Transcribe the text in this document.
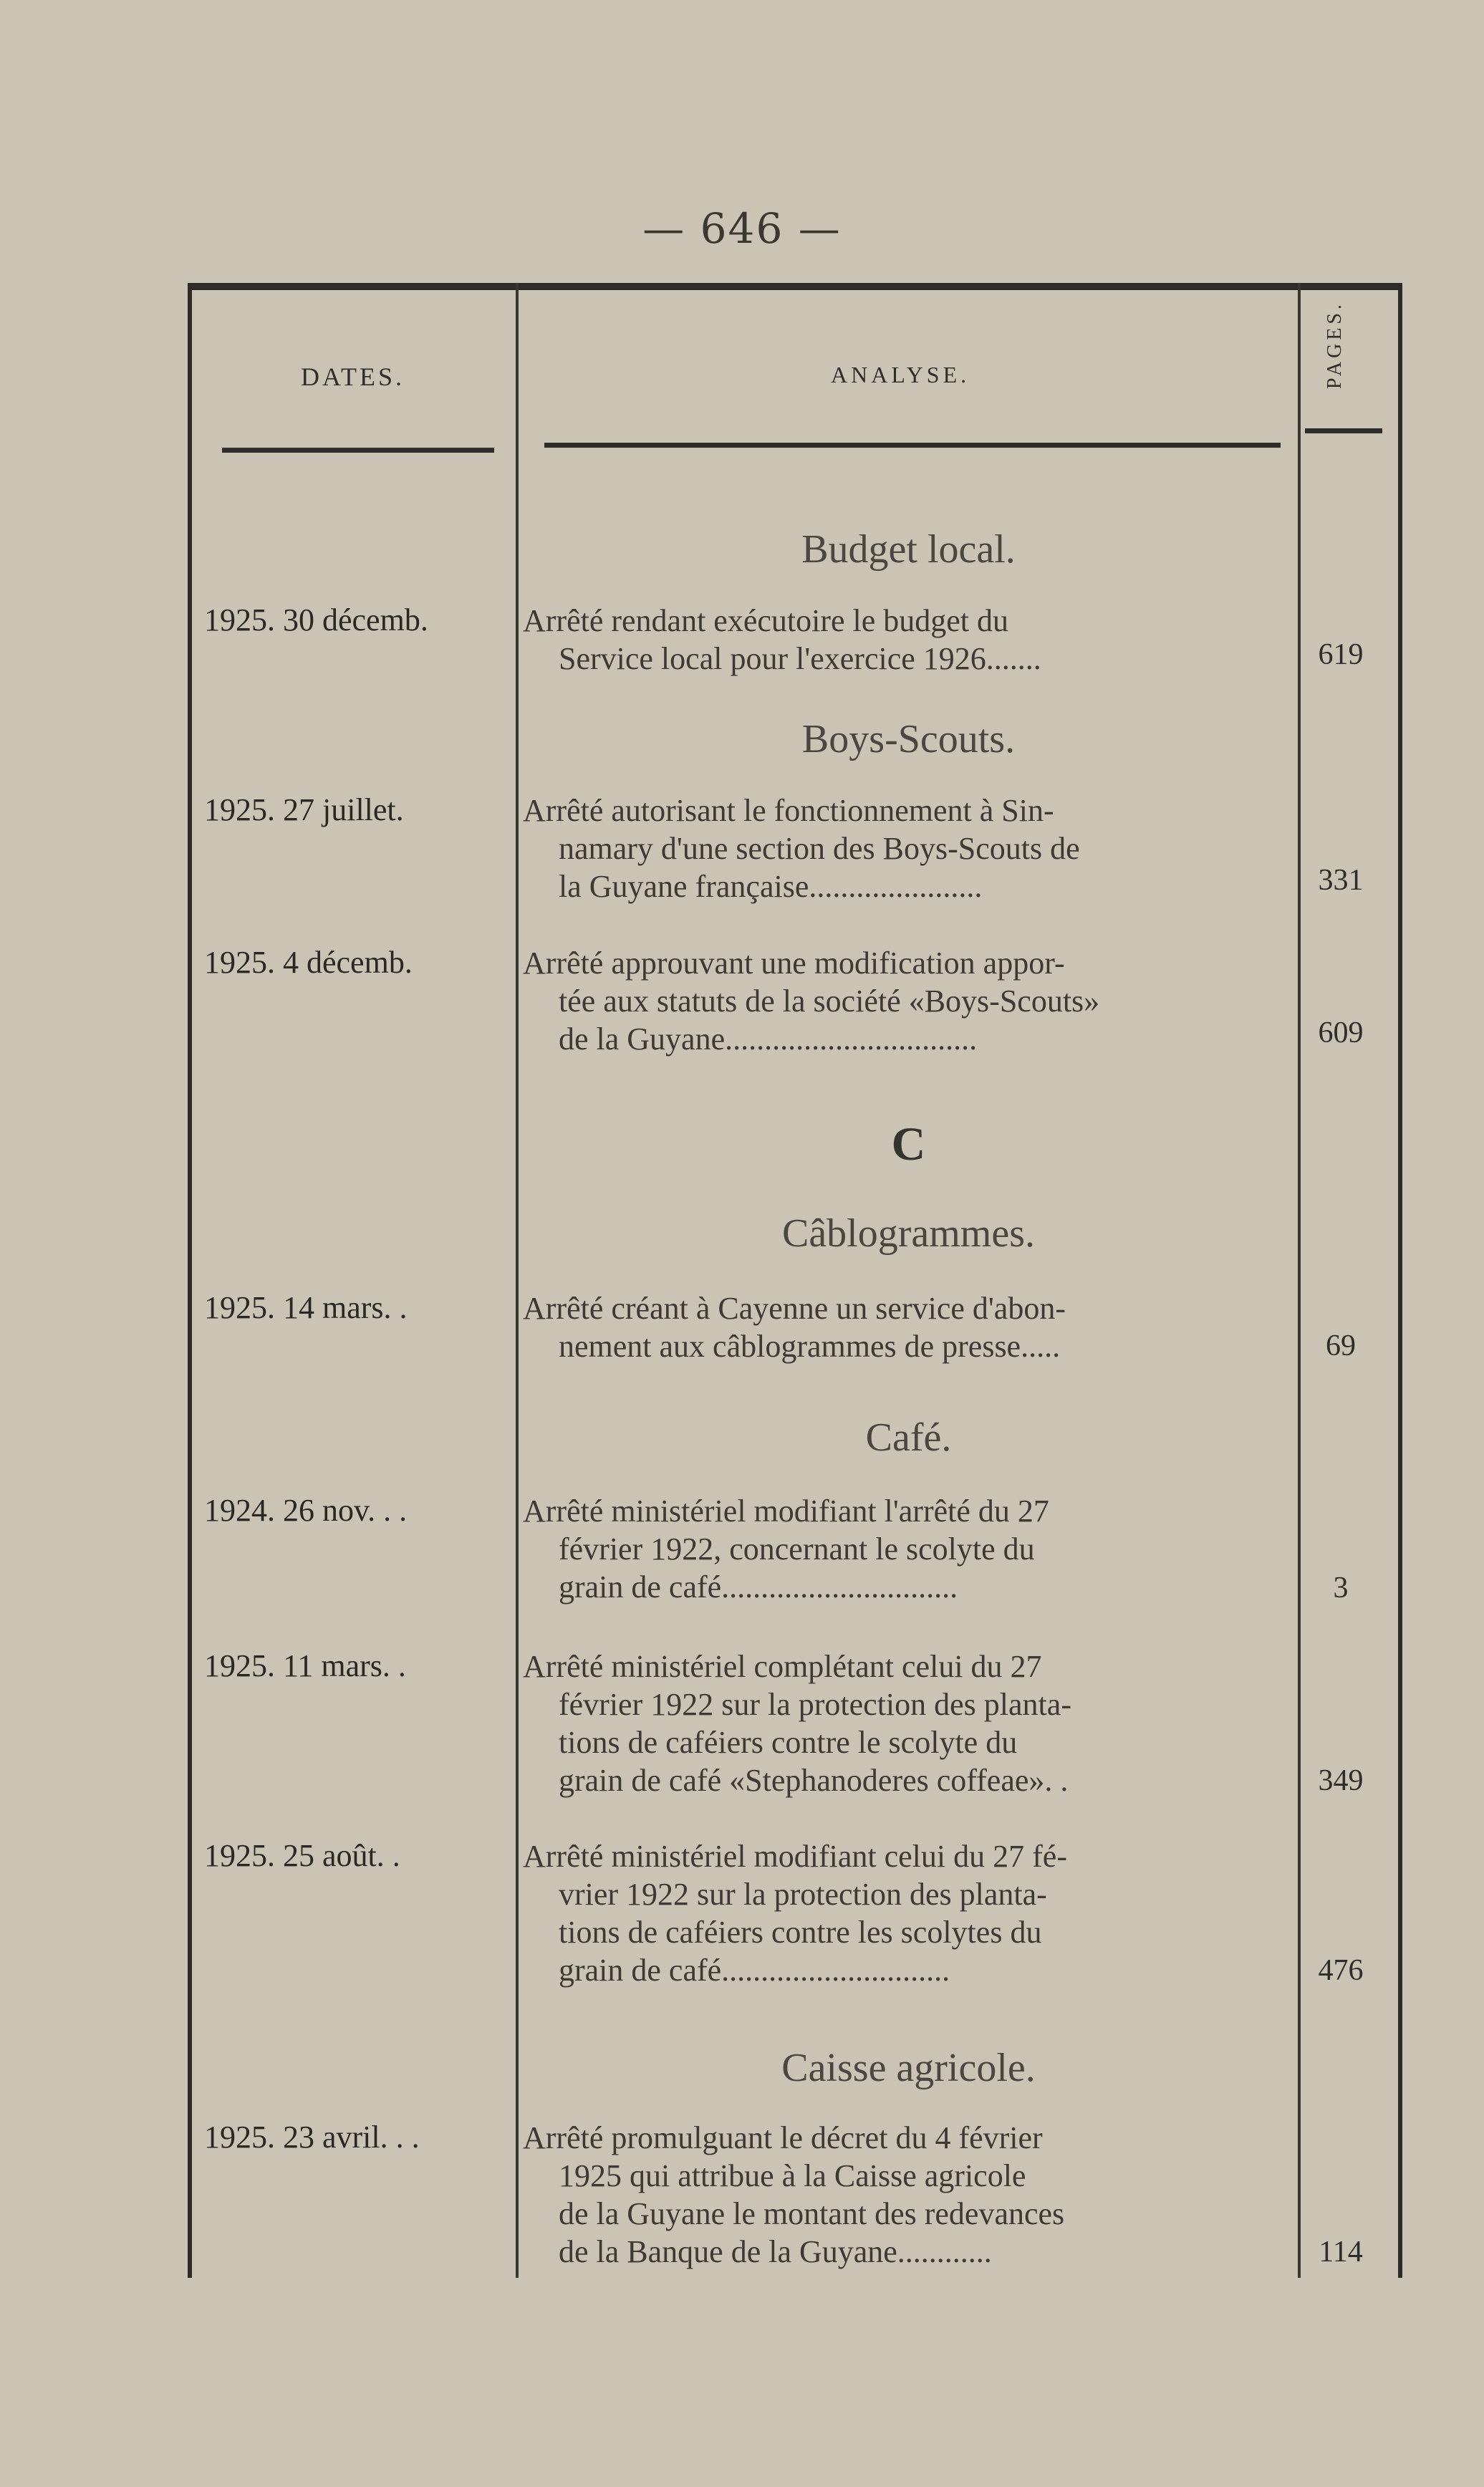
— 646 —
DATES.	ANALYSE.	PAGES.
Budget local.
1925. 30 décemb.	Arrêté rendant exécutoire le budget du
Service local pour l'exercice 1926.......	619
Boys-Scouts.
1925. 27 juillet.	Arrêté autorisant le fonctionnement à Sin-
namary d'une section des Boys-Scouts de
la Guyane française......................	331
1925. 4 décemb.	Arrêté approuvant une modification appor-
tée aux statuts de la société «Boys-Scouts»
de la Guyane................................	609
C
Câblogrammes.
1925. 14 mars. .	Arrêté créant à Cayenne un service d'abon-
nement aux câblogrammes de presse.....	69
Café.
1924. 26 nov. . .	Arrêté ministériel modifiant l'arrêté du 27
février 1922, concernant le scolyte du
grain de café..............................	3
1925. 11 mars. .	Arrêté ministériel complétant celui du 27
février 1922 sur la protection des planta-
tions de caféiers contre le scolyte du
grain de café «Stephanoderes coffeae». .	349
1925. 25 août. .	Arrêté ministériel modifiant celui du 27 fé-
vrier 1922 sur la protection des planta-
tions de caféiers contre les scolytes du
grain de café.............................	476
Caisse agricole.
1925. 23 avril. . .	Arrêté promulguant le décret du 4 février
1925 qui attribue à la Caisse agricole
de la Guyane le montant des redevances
de la Banque de la Guyane............	114
